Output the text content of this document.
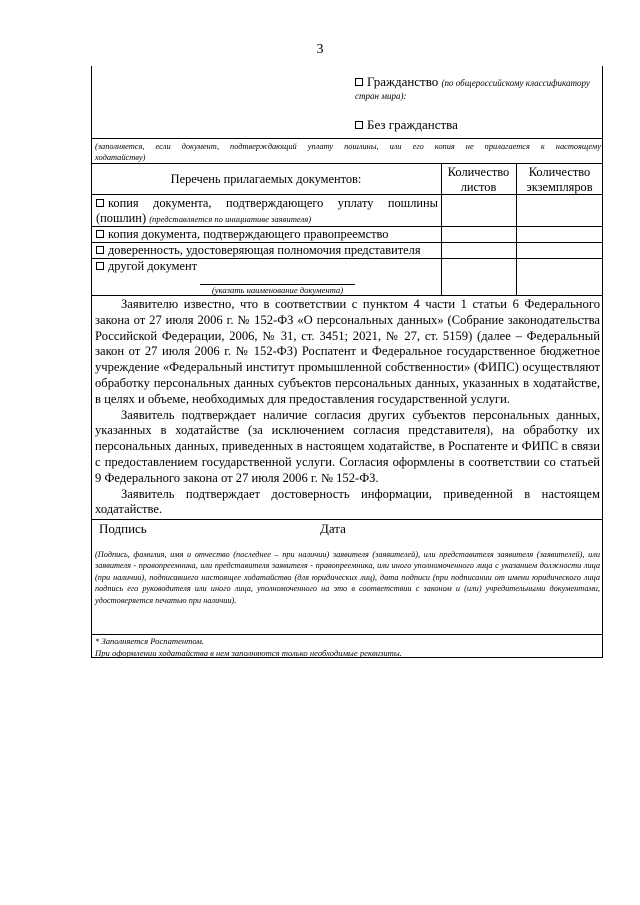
3
Гражданство (по общероссийскому классификатору
стран мира):
Без гражданства
(заполняется, если документ, подтверждающий уплату пошлины, или его копия не прилагается к настоящему
ходатайству)
Перечень прилагаемых документов:	Количество
листов
Количество
экземпляров
копия документа, подтверждающего уплату пошлины
(пошлин) (представляется по инициативе заявителя)
копия документа, подтверждающего правопреемство
доверенность, удостоверяющая полномочия представителя
другой документ
(указать наименование документа)
Заявителю известно, что в соответствии с пунктом 4 части 1 статьи 6 Федерального закона от 27 июля 2006 г. № 152-ФЗ «О персональных данных» (Собрание законодательства Российской Федерации, 2006, № 31, ст. 3451; 2021, № 27, ст. 5159) (далее – Федеральный закон от 27 июля 2006 г. № 152-ФЗ) Роспатент и Федеральное государственное бюджетное учреждение «Федеральный институт промышленной собственности» (ФИПС) осуществляют обработку персональных данных субъектов персональных данных, указанных в ходатайстве, в целях и объеме, необходимых для предоставления государственной услуги.
Заявитель подтверждает наличие согласия других субъектов персональных данных, указанных в ходатайстве (за исключением согласия представителя), на обработку их персональных данных, приведенных в настоящем ходатайстве, в Роспатенте и ФИПС в связи с предоставлением государственной услуги. Согласия оформлены в соответствии со статьей 9 Федерального закона от 27 июля 2006 г. № 152-ФЗ.
Заявитель подтверждает достоверность информации, приведенной в настоящем ходатайстве.
Подпись	Дата
(Подпись, фамилия, имя и отчество (последнее – при наличии) заявителя (заявителей), или представителя заявителя (заявителей), или заявителя - правопреемника, или представителя заявителя - правопреемника, или иного уполномоченного лица с указанием должности лица (при наличии), подписавшего настоящее ходатайство (для юридических лиц), дата подписи (при подписании от имени юридического лица подпись его руководителя или иного лица, уполномоченного на это в соответствии с законом и (или) учредительными документами, удостоверяется печатью при наличии).
* Заполняется Роспатентом.
При оформлении ходатайства в нем заполняются только необходимые реквизиты.
